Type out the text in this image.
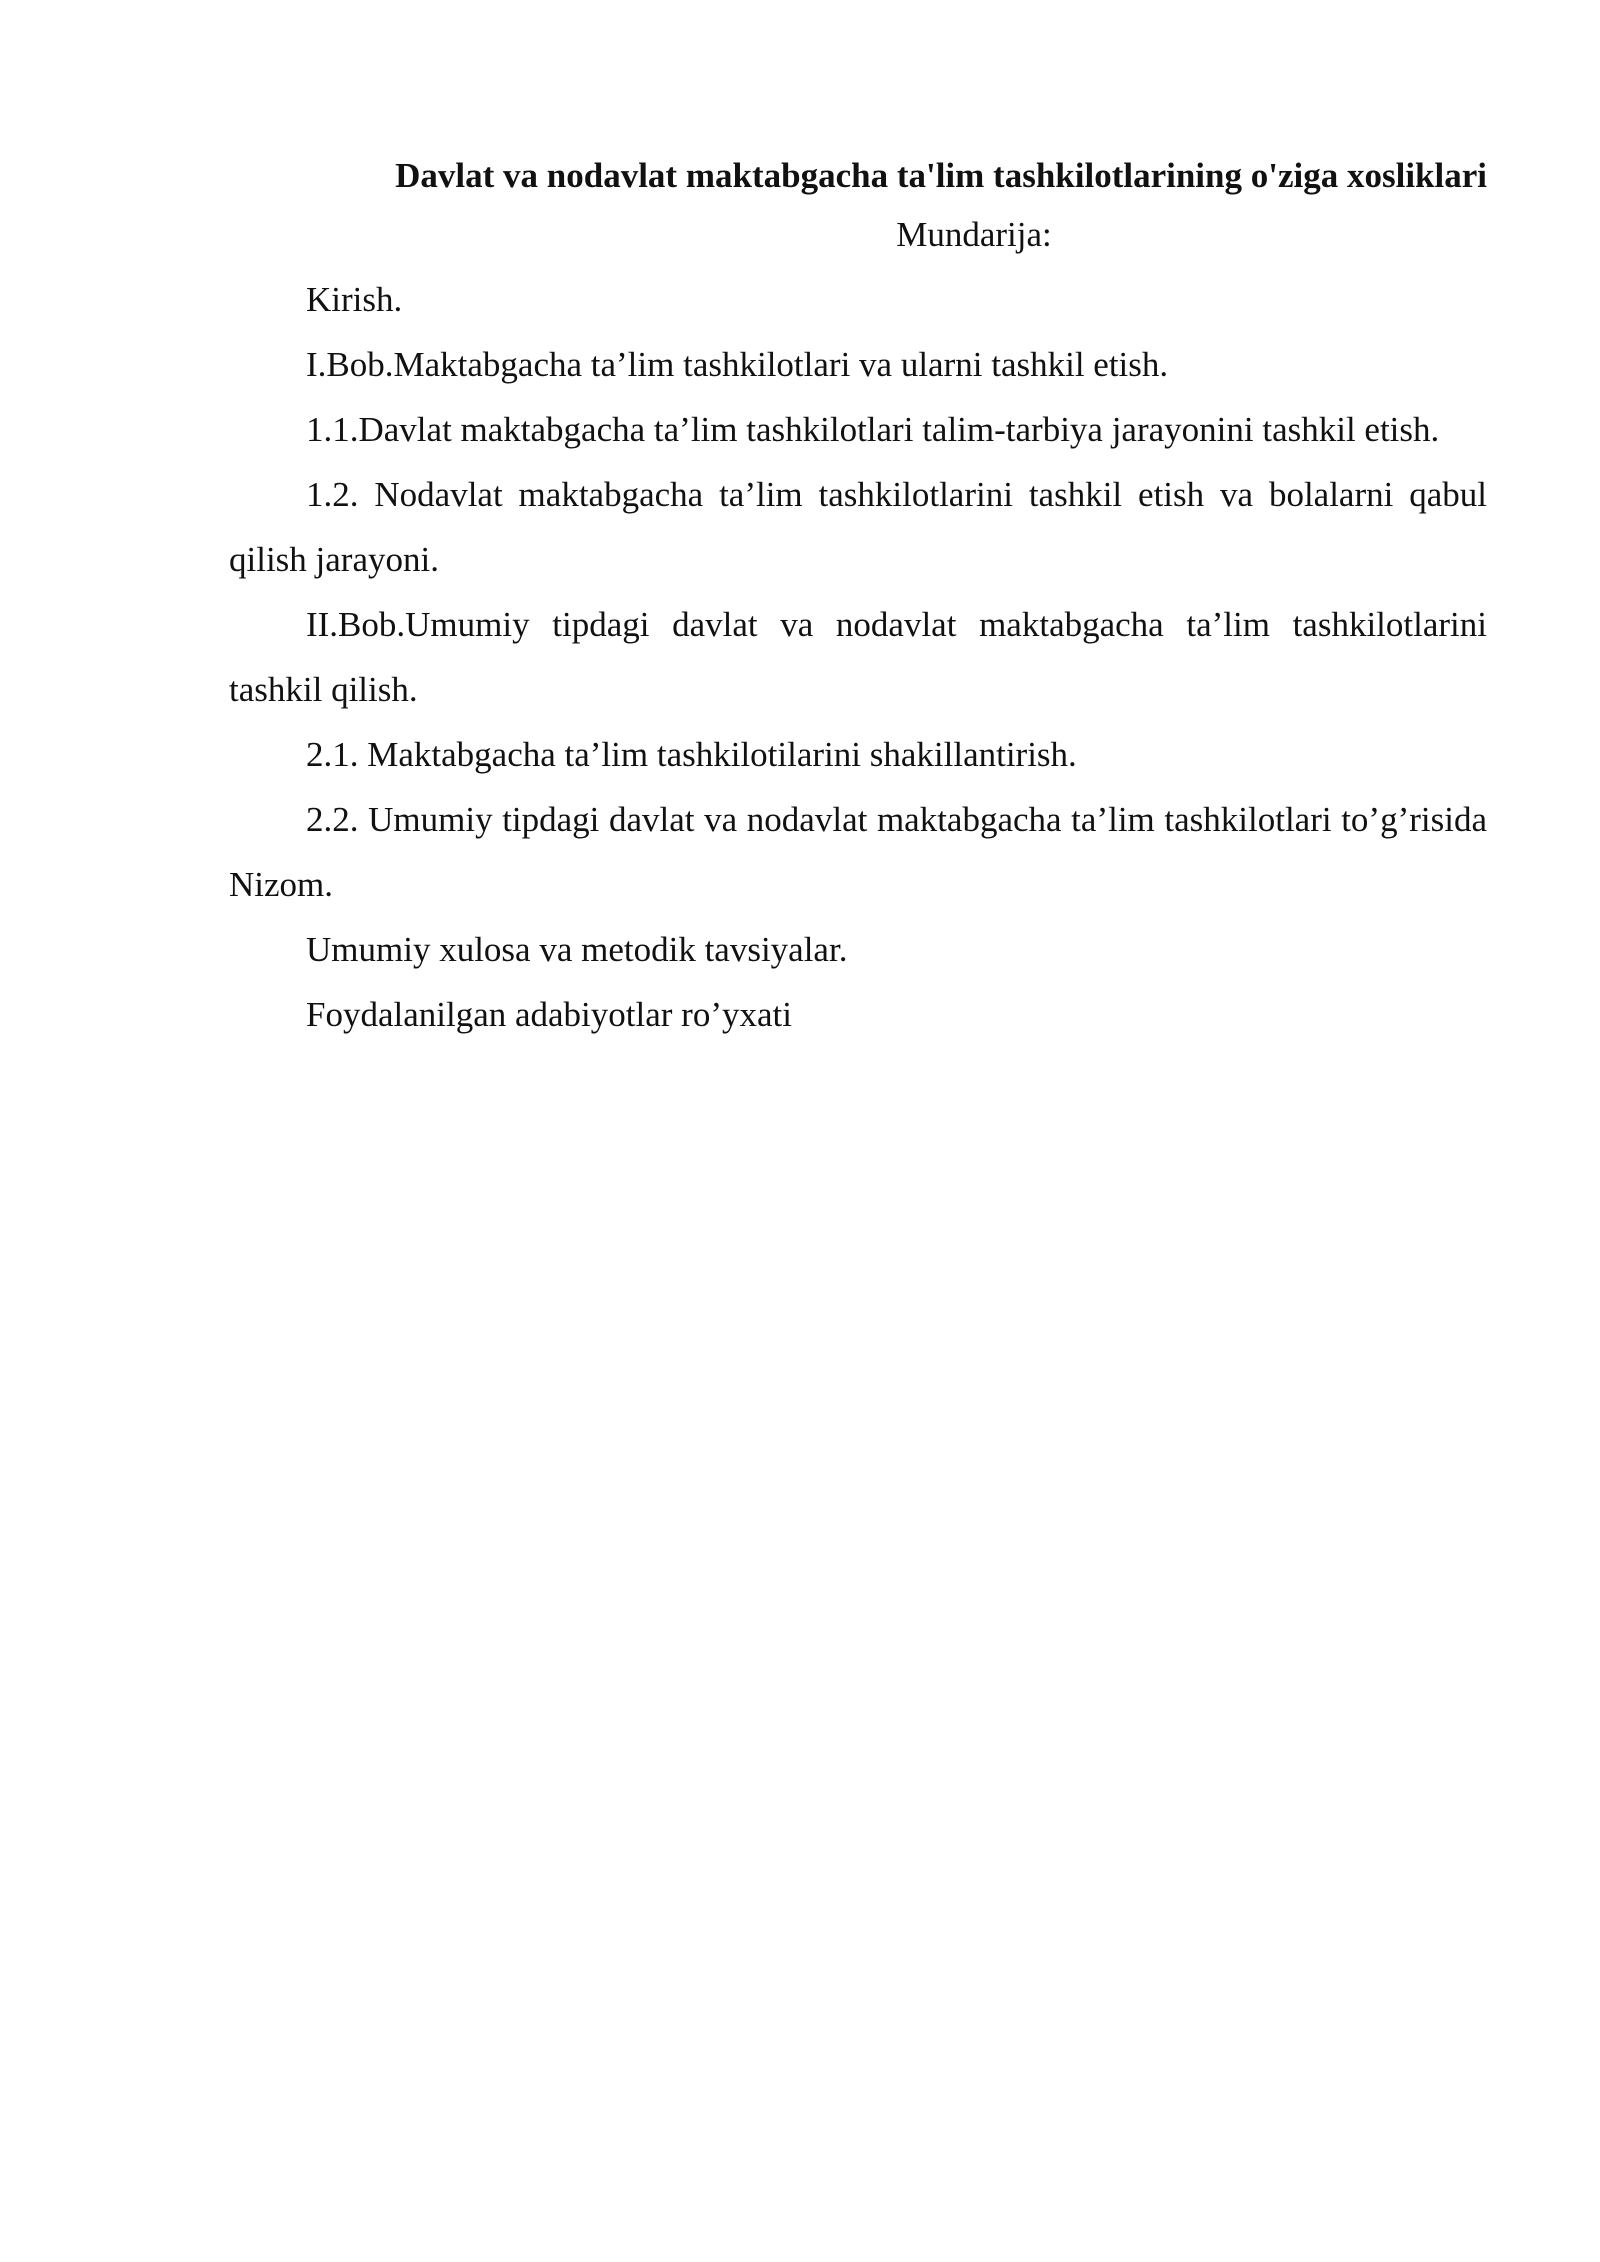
Davlat va nodavlat maktabgacha ta'lim tashkilotlarining o'ziga xosliklari

Mundarija:

Kirish.

I.Bob.Maktabgacha ta’lim tashkilotlari va ularni tashkil etish.

1.1.Davlat maktabgacha ta’lim tashkilotlari talim-tarbiya jarayonini tashkil etish.

1.2. Nodavlat maktabgacha ta’lim tashkilotlarini tashkil etish va bolalarni qabul qilish jarayoni.

II.Bob.Umumiy tipdagi davlat va nodavlat maktabgacha ta’lim tashkilotlarini tashkil qilish.

2.1. Maktabgacha ta’lim tashkilotilarini shakillantirish.

2.2. Umumiy tipdagi davlat va nodavlat maktabgacha ta’lim tashkilotlari to’g’risida Nizom.

Umumiy xulosa va metodik tavsiyalar.

Foydalanilgan adabiyotlar ro’yxati
